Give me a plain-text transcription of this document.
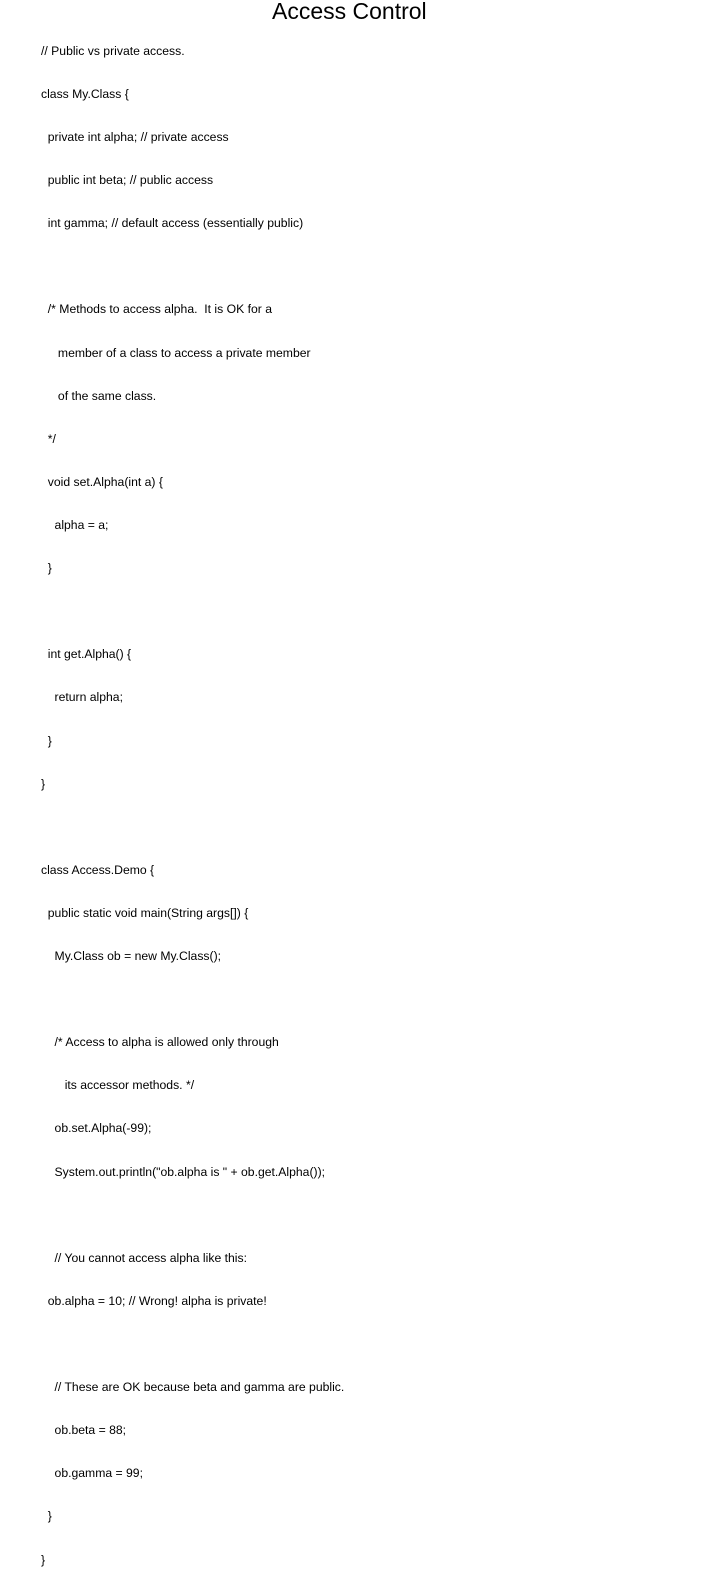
Access Control

// Public vs private access.

class My.Class {

private int alpha; // private access

public int beta; // public access

int gamma; // default access (essentially public)

/* Methods to access alpha.  It is OK for a

member of a class to access a private member

of the same class.

*/

void set.Alpha(int a) {

alpha = a;

}

int get.Alpha() {

return alpha;

}

}

class Access.Demo {

public static void main(String args[]) {

My.Class ob = new My.Class();

/* Access to alpha is allowed only through

its accessor methods. */

ob.set.Alpha(-99);

System.out.println("ob.alpha is " + ob.get.Alpha());

// You cannot access alpha like this:

ob.alpha = 10; // Wrong! alpha is private!

// These are OK because beta and gamma are public.

ob.beta = 88;

ob.gamma = 99;

}

}
